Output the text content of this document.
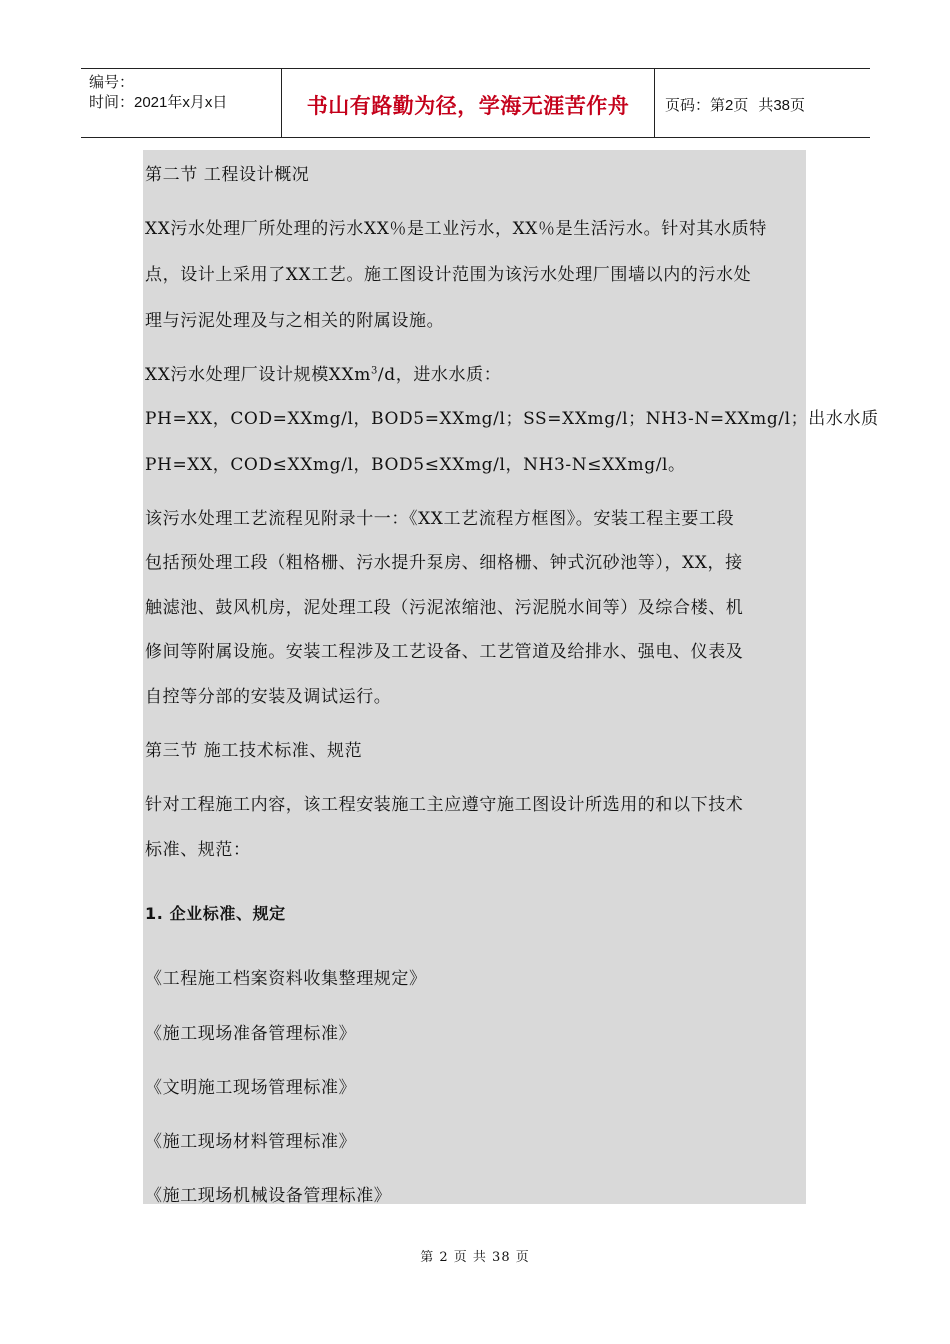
编号：
时间：2021年x月x日	书山有路勤为径，学海无涯苦作舟 页码：第2页 共38页
第二节 工程设计概况
XX污水处理厂所处理的污水XX％是工业污水，XX％是生活污水。针对其水质特
点，设计上采用了XX工艺。施工图设计范围为该污水处理厂围墙以内的污水处
理与污泥处理及与之相关的附属设施。
XX污水处理厂设计规模XXm$^3$/d，进水水质：
PH=XX，COD=XXmg/l，BOD5=XXmg/l；SS=XXmg/l；NH3-N=XXmg/l；出水水质
PH=XX，COD≤XXmg/l，BOD5≤XXmg/l，NH3-N≤XXmg/l。
该污水处理工艺流程见附录十一：《XX工艺流程方框图》。安装工程主要工段
包括预处理工段（粗格栅、污水提升泵房、细格栅、钟式沉砂池等），XX，接
触滤池、鼓风机房，泥处理工段（污泥浓缩池、污泥脱水间等）及综合楼、机
修间等附属设施。安装工程涉及工艺设备、工艺管道及给排水、强电、仪表及
自控等分部的安装及调试运行。
第三节 施工技术标准、规范
针对工程施工内容，该工程安装施工主应遵守施工图设计所选用的和以下技术
标准、规范：
1. 企业标准、规定
《工程施工档案资料收集整理规定》
《施工现场准备管理标准》
《文明施工现场管理标准》
《施工现场材料管理标准》
《施工现场机械设备管理标准》
第 2 页 共 38 页
